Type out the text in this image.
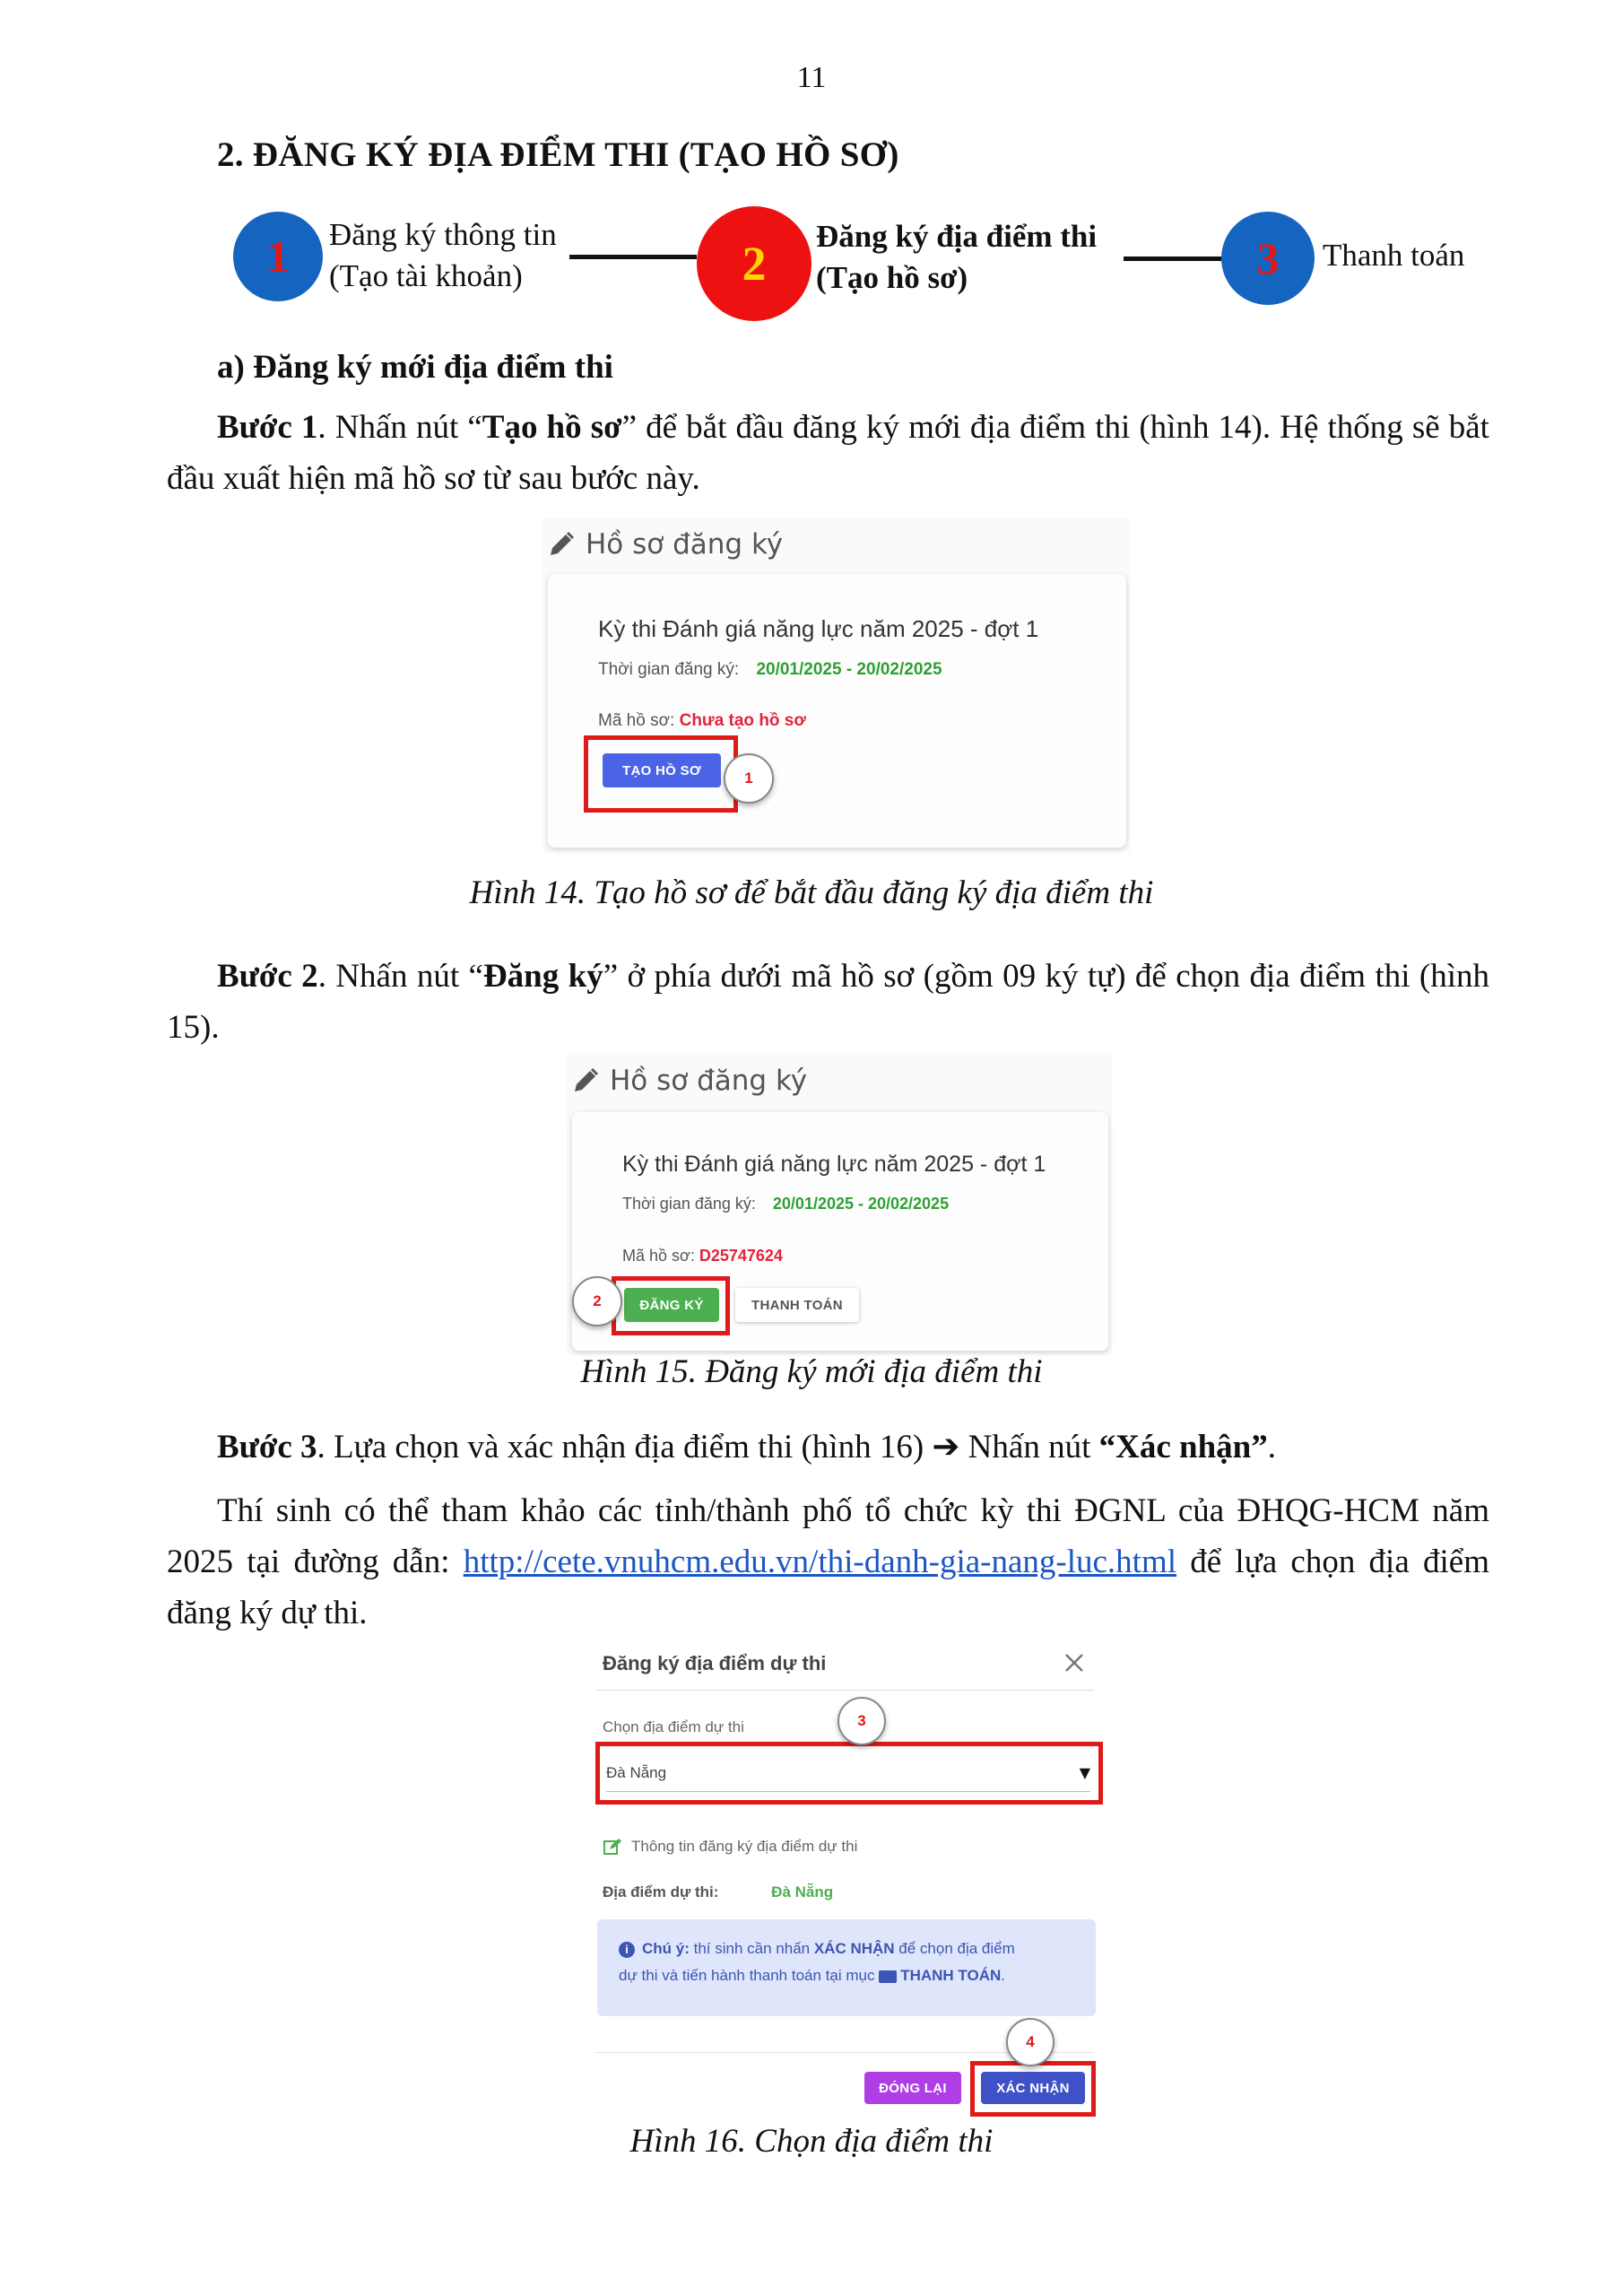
11
2. ĐĂNG KÝ ĐỊA ĐIỂM THI (TẠO HỒ SƠ)
1 Đăng ký thông tin
(Tạo tài khoản)	2
Đăng ký địa điểm thi
(Tạo hồ sơ)	3 Thanh toán
a) Đăng ký mới địa điểm thi
Bước 1. Nhấn nút “Tạo hồ sơ” để bắt đầu đăng ký mới địa điểm thi (hình 14). Hệ thống sẽ bắt đầu xuất hiện mã hồ sơ từ sau bước này.
Hồ sơ đăng ký
Kỳ thi Đánh giá năng lực năm 2025 - đợt 1
Thời gian đăng ký: 20/01/2025 - 20/02/2025
Mã hồ sơ: Chưa tạo hồ sơ
TẠO HỒ SƠ	1
Hình 14. Tạo hồ sơ để bắt đầu đăng ký địa điểm thi
Bước 2. Nhấn nút “Đăng ký” ở phía dưới mã hồ sơ (gồm 09 ký tự) để chọn địa điểm thi (hình 15).
Hồ sơ đăng ký
Kỳ thi Đánh giá năng lực năm 2025 - đợt 1
Thời gian đăng ký: 20/01/2025 - 20/02/2025
Mã hồ sơ: D25747624
ĐĂNG KÝ	THANH TOÁN
2
Hình 15. Đăng ký mới địa điểm thi
Bước 3. Lựa chọn và xác nhận địa điểm thi (hình 16) ➔ Nhấn nút “Xác nhận”.
Thí sinh có thể tham khảo các tỉnh/thành phố tổ chức kỳ thi ĐGNL của ĐHQG-HCM năm 2025 tại đường dẫn: http://cete.vnuhcm.edu.vn/thi-danh-gia-nang-luc.html để lựa chọn địa điểm đăng ký dự thi.
Đăng ký địa điểm dự thi
Chọn địa điểm dự thi
Đà Nẵng	▼
3
Thông tin đăng ký địa điểm dự thi
Địa điểm dự thi:	Đà Nẵng
i Chú ý: thí sinh cần nhấn XÁC NHẬN để chọn địa điểm
dự thi và tiến hành thanh toán tại mục THANH TOÁN.
ĐÓNG LẠI	XÁC NHẬN
4
Hình 16. Chọn địa điểm thi
